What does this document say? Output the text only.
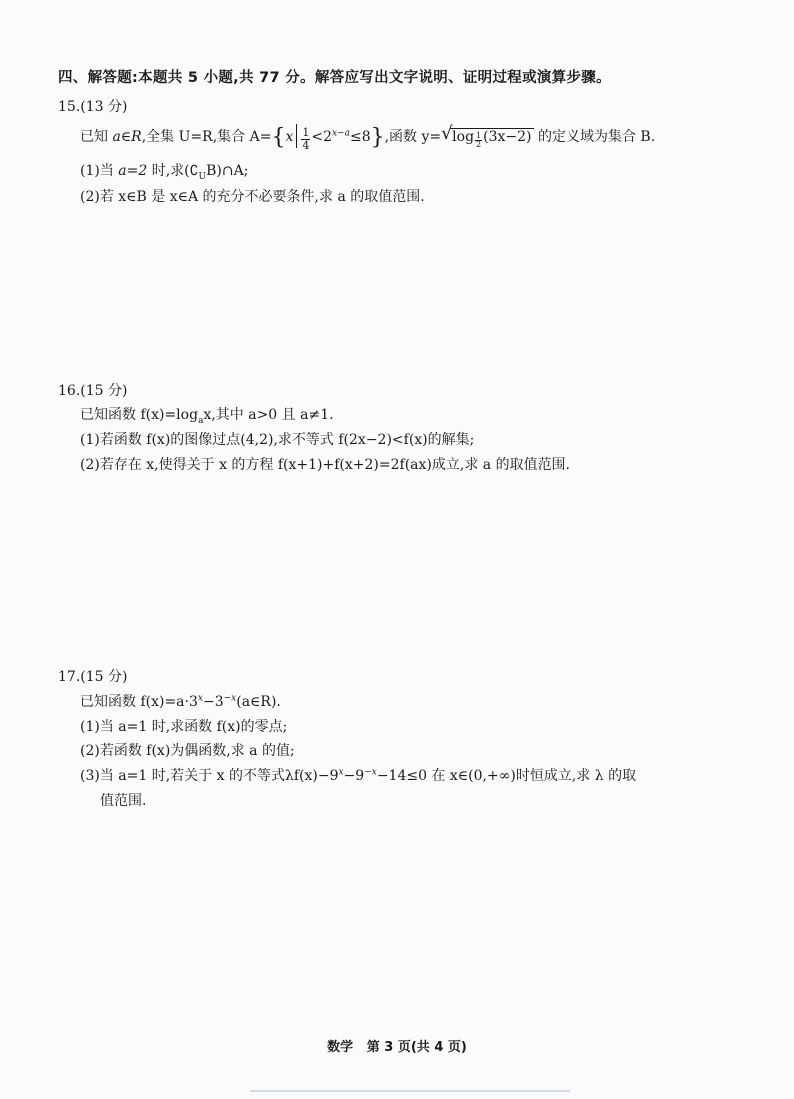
⠀
四、解答题:本题共 5 小题,共 77 分。解答应写出文字说明、证明过程或演算步骤。
15.(13 分)
已知 a∈R,全集 U=R,集合 $A=\{x \frac{1}{4} <2^{x-a}\le 8\}$,函数 y= √ $\log \frac{1}{2} (3x-2)$ 的定义域为集合 B.
(1)当 a=2 时,求$(∁_UB)\cap A$;
(2)若 x∈B 是 x∈A 的充分不必要条件,求 a 的取值范围.
16.(15 分)
已知函数 $f(x)=\log_ax$,其中 a>0 且 a≠1.
(1)若函数 f(x)的图像过点(4,2),求不等式 f(2x−2)<f(x)的解集;
(2)若存在 x,使得关于 x 的方程 f(x+1)+f(x+2)=2f(ax)成立,求 a 的取值范围.
17.(15 分)
已知函数 $f(x)=a\cdot 3^x-3^{-x}(a\in R)$.
(1)当 a=1 时,求函数 f(x)的零点;
(2)若函数 f(x)为偶函数,求 a 的值;
(3)当 a=1 时,若关于 x 的不等式$\lambda f(x)-9^x-9^{-x}-14\le 0$ 在 x∈(0,+∞)时恒成立,求 λ 的取
值范围.
数学 第 3 页(共 4 页)
